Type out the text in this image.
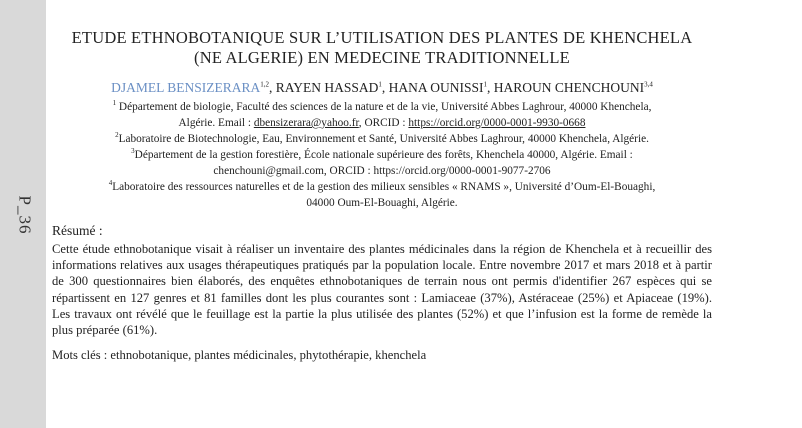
P_36
ETUDE ETHNOBOTANIQUE SUR L’UTILISATION DES PLANTES DE KHENCHELA
(NE ALGERIE) EN MEDECINE TRADITIONNELLE

DJAMEL BENSIZERARA$^{1,2}$, RAYEN HASSAD$^1$, HANA OUNISSI$^1$, HAROUN CHENCHOUNI$^{3,4}$

$^1$ Département de biologie, Faculté des sciences de la nature et de la vie, Université Abbes Laghrour, 40000 Khenchela,
Algérie. Email : dbensizerara@yahoo.fr, ORCID : https://orcid.org/0000-0001-9930-0668

$^2$Laboratoire de Biotechnologie, Eau, Environnement et Santé, Université Abbes Laghrour, 40000 Khenchela, Algérie.

$^3$Département de la gestion forestière, École nationale supérieure des forêts, Khenchela 40000, Algérie. Email :
chenchouni@gmail.com, ORCID : https://orcid.org/0000-0001-9077-2706

$^4$Laboratoire des ressources naturelles et de la gestion des milieux sensibles « RNAMS », Université d’Oum-El-Bouaghi,
04000 Oum-El-Bouaghi, Algérie.

Résumé :

Cette étude ethnobotanique visait à réaliser un inventaire des plantes médicinales dans la région de Khenchela et à recueillir des informations relatives aux usages thérapeutiques pratiqués par la population locale. Entre novembre 2017 et mars 2018 et à partir de 300 questionnaires bien élaborés, des enquêtes ethnobotaniques de terrain nous ont permis d'identifier 267 espèces qui se répartissent en 127 genres et 81 familles dont les plus courantes sont : Lamiaceae (37%), Astéraceae (25%) et Apiaceae (19%). Les travaux ont révélé que le feuillage est la partie la plus utilisée des plantes (52%) et que l’infusion est la forme de remède la plus préparée (61%).

Mots clés : ethnobotanique, plantes médicinales, phytothérapie, khenchela
